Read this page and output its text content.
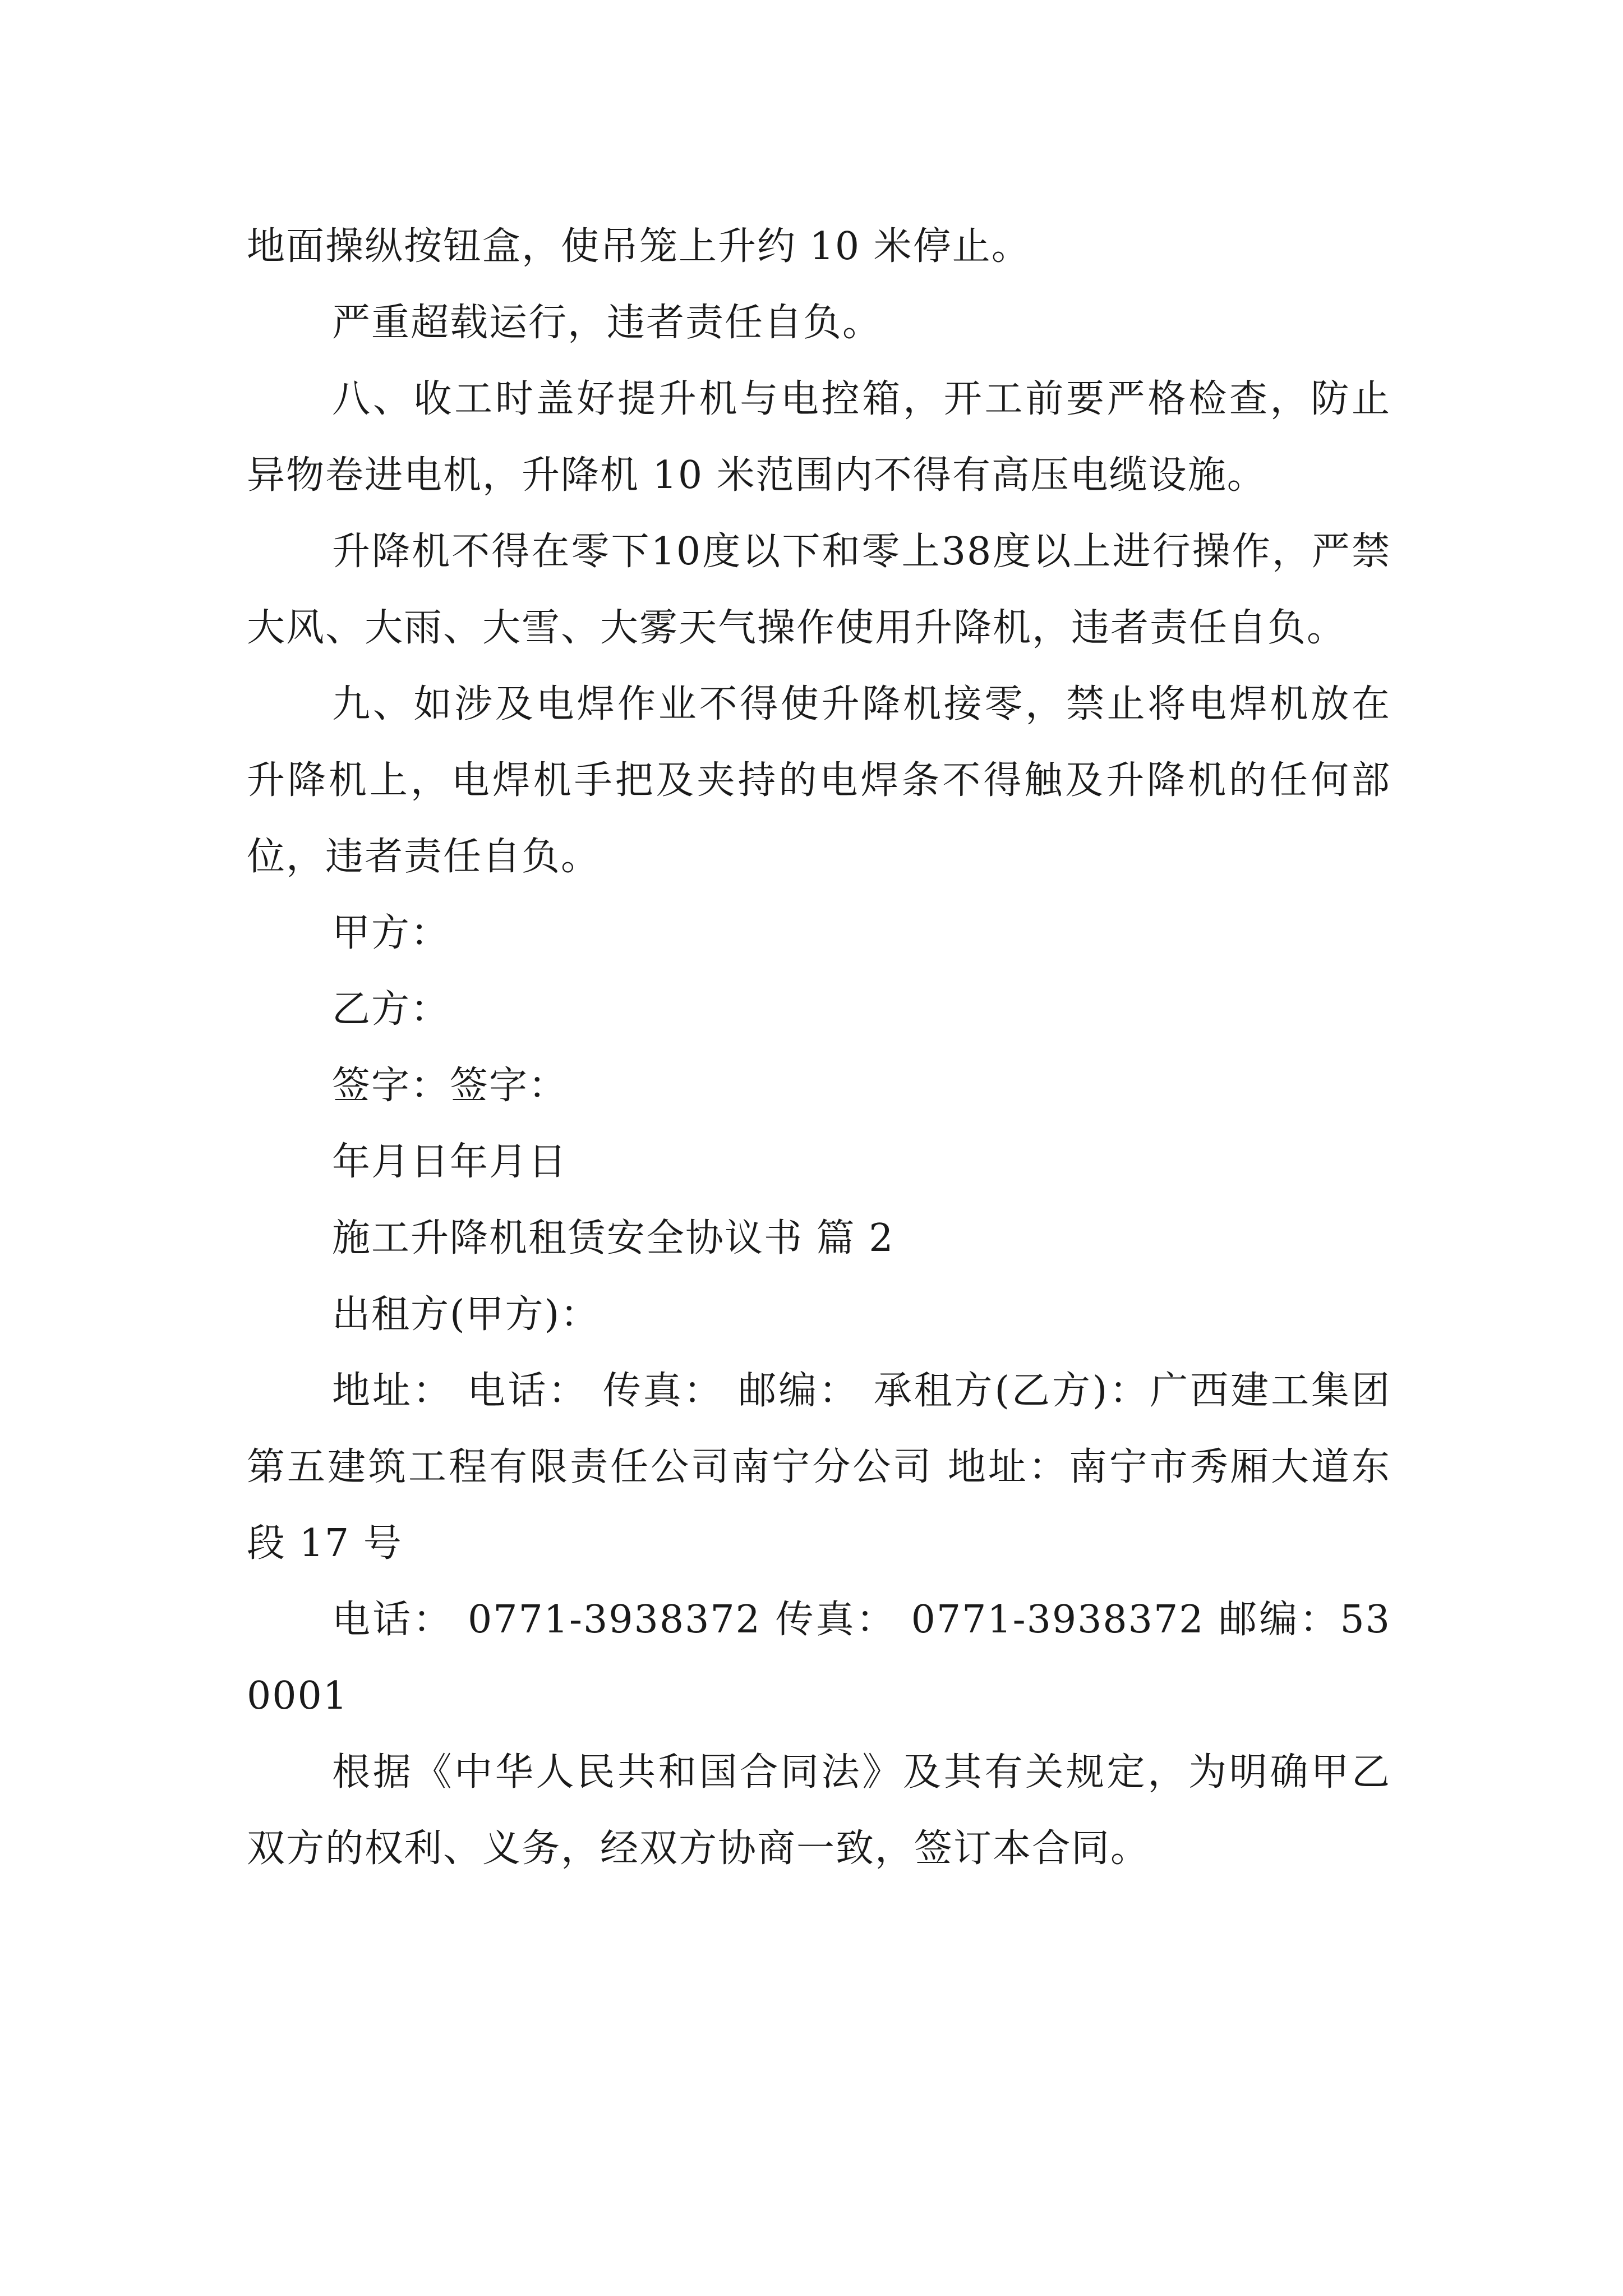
地面操纵按钮盒，使吊笼上升约 10 米停止。

严重超载运行，违者责任自负。

八、收工时盖好提升机与电控箱，开工前要严格检查，防止异物卷进电机，升降机 10 米范围内不得有高压电缆设施。

升降机不得在零下10度以下和零上38度以上进行操作，严禁大风、大雨、大雪、大雾天气操作使用升降机，违者责任自负。

九、如涉及电焊作业不得使升降机接零，禁止将电焊机放在升降机上，电焊机手把及夹持的电焊条不得触及升降机的任何部位，违者责任自负。

甲方：

乙方：

签字：签字：

年月日年月日

施工升降机租赁安全协议书 篇 2

出租方(甲方)：

地址： 电话： 传真： 邮编： 承租方(乙方)：广西建工集团第五建筑工程有限责任公司南宁分公司 地址：南宁市秀厢大道东段 17 号

电话： 0771-3938372 传真： 0771-3938372 邮编：530001

根据《中华人民共和国合同法》及其有关规定，为明确甲乙双方的权利、义务，经双方协商一致，签订本合同。
